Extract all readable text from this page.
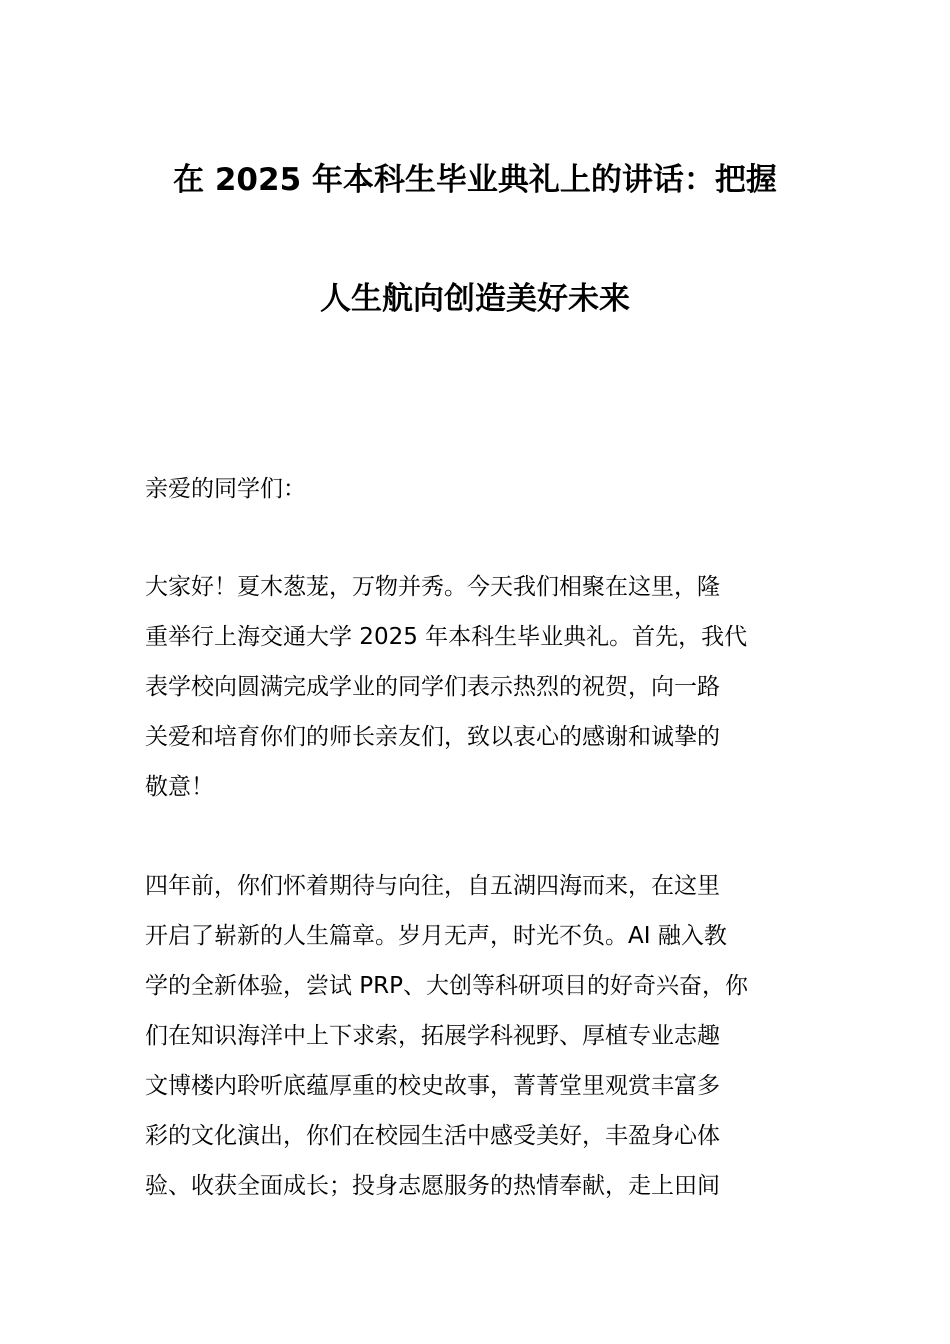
在 2025 年本科生毕业典礼上的讲话：把握
人生航向创造美好未来
亲爱的同学们：
大家好！夏木葱茏，万物并秀。今天我们相聚在这里，隆
重举行上海交通大学 2025 年本科生毕业典礼。首先，我代
表学校向圆满完成学业的同学们表示热烈的祝贺，向一路
关爱和培育你们的师长亲友们，致以衷心的感谢和诚挚的
敬意！
四年前，你们怀着期待与向往，自五湖四海而来，在这里
开启了崭新的人生篇章。岁月无声，时光不负。AI 融入教
学的全新体验，尝试 PRP、大创等科研项目的好奇兴奋，你
们在知识海洋中上下求索，拓展学科视野、厚植专业志趣
文博楼内聆听底蕴厚重的校史故事，菁菁堂里观赏丰富多
彩的文化演出，你们在校园生活中感受美好，丰盈身心体
验、收获全面成长；投身志愿服务的热情奉献，走上田间
